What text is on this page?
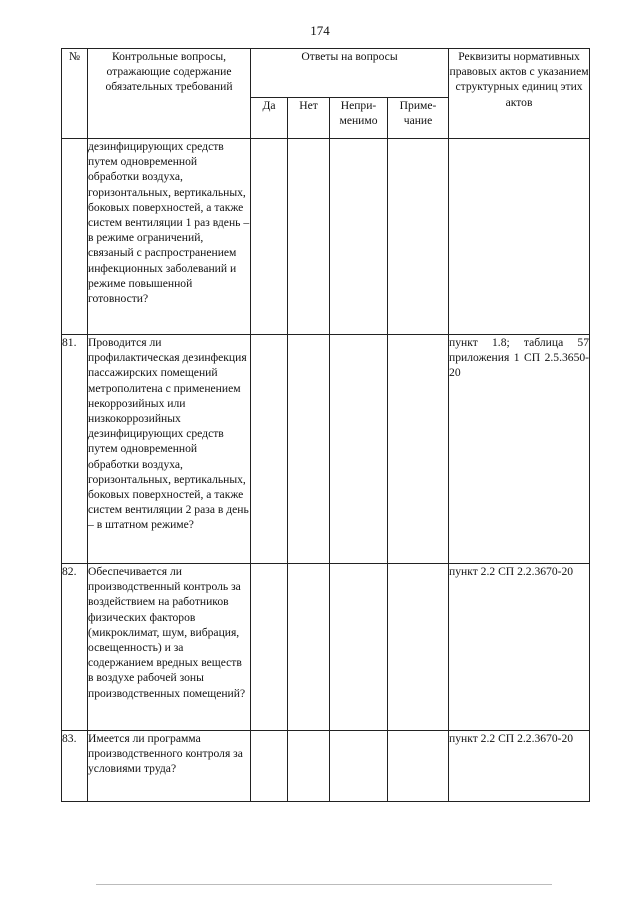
174
№	Контрольные вопросы, отражающие содержание обязательных требований	Ответы на вопросы				Реквизиты нормативных правовых актов с указанием структурных единиц этих актов
		Да	Нет	Непри-менимо	Приме-чание	
	дезинфицирующих средств путем одновременной обработки воздуха, горизонтальных, вертикальных, боковых поверхностей, а также систем вентиляции 1 раз вдень – в режиме ограничений, связаный с распространением инфекционных заболеваний и режиме повышенной готовности?					
81.	Проводится ли профилактическая дезинфекция пассажирских помещений метрополитена с применением некоррозийных или низкокоррозийных дезинфицирующих средств путем одновременной обработки воздуха, горизонтальных, вертикальных, боковых поверхностей, а также систем вентиляции 2 раза в день – в штатном режиме?					пункт 1.8; таблица 57 приложения 1 СП 2.5.3650-20
82.	Обеспечивается ли производственный контроль за воздействием на работников физических факторов (микроклимат, шум, вибрация, освещенность) и за содержанием вредных веществ в воздухе рабочей зоны производственных помещений?					пункт 2.2 СП 2.2.3670-20
83.	Имеется ли программа производственного контроля за условиями труда?					пункт 2.2 СП 2.2.3670-20
